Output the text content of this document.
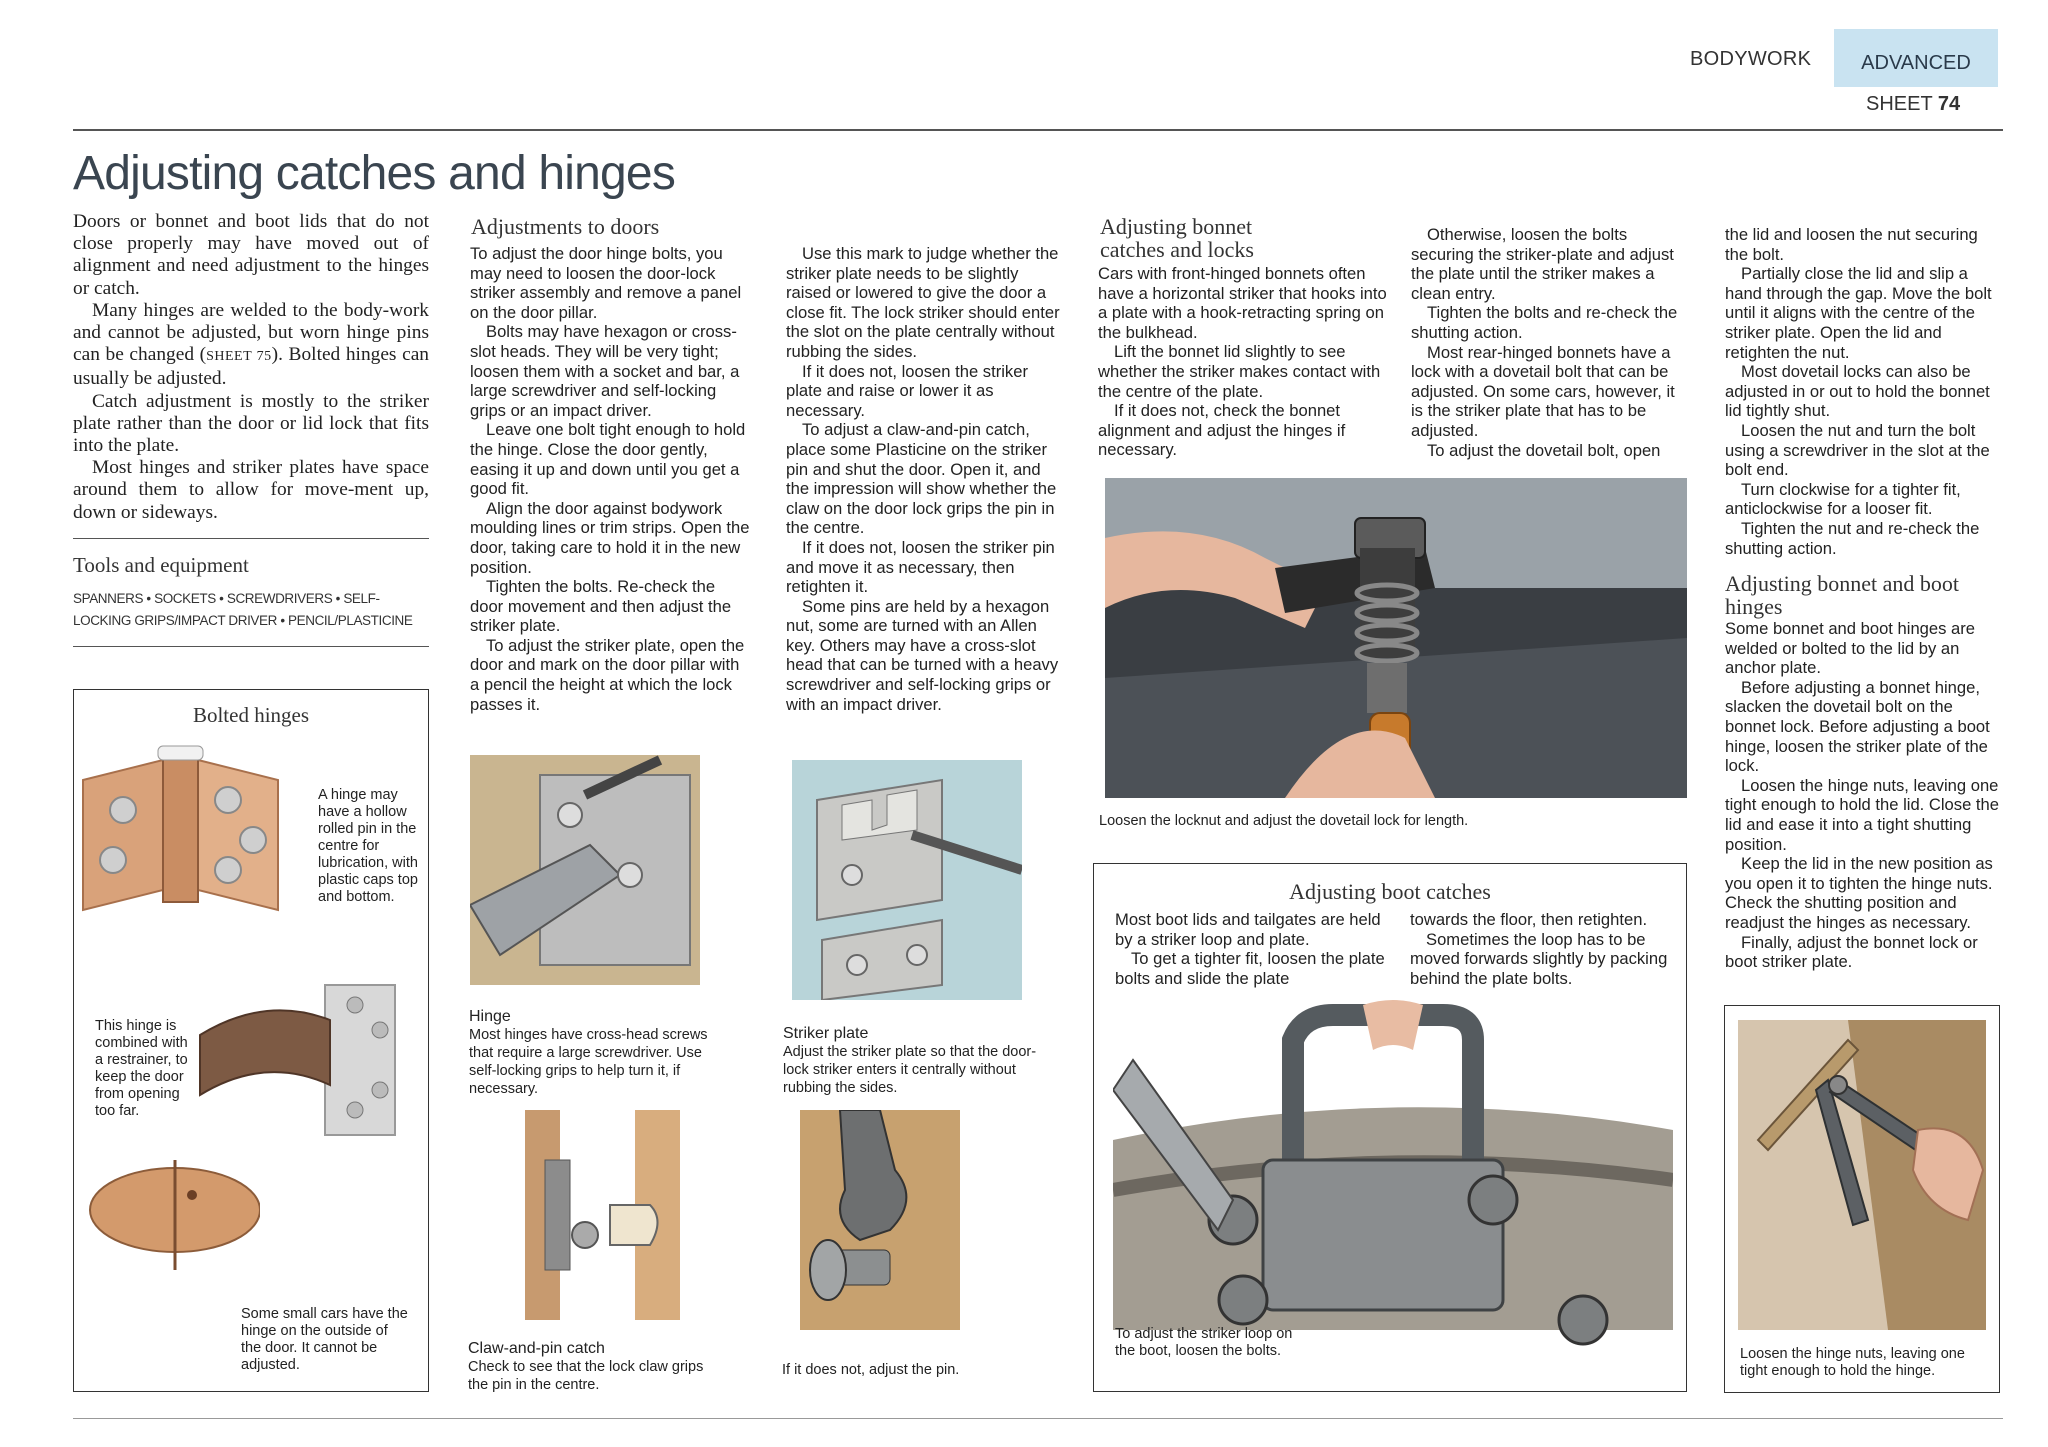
BODYWORK	ADVANCED
SHEET 74
Adjusting catches and hinges

Doors or bonnet and boot lids that do not close properly may have moved out of alignment and need adjustment to the hinges or catch.

Many hinges are welded to the body-work and cannot be adjusted, but worn hinge pins can be changed (SHEET 75). Bolted hinges can usually be adjusted.

Catch adjustment is mostly to the striker plate rather than the door or lid lock that fits into the plate.

Most hinges and striker plates have space around them to allow for move-ment up, down or sideways.

Tools and equipment
SPANNERS • SOCKETS • SCREWDRIVERS • SELF-LOCKING GRIPS/IMPACT DRIVER • PENCIL/PLASTICINE
Bolted hinges
A hinge may have a hollow rolled pin in the centre for lubrication, with plastic caps top and bottom.
This hinge is combined with a restrainer, to keep the door from opening too far.
Some small cars have the hinge on the outside of the door. It cannot be adjusted.
Adjustments to doors

To adjust the door hinge bolts, you may need to loosen the door-lock striker assembly and remove a panel on the door pillar.

Bolts may have hexagon or cross-slot heads. They will be very tight; loosen them with a socket and bar, a large screwdriver and self-locking grips or an impact driver.

Leave one bolt tight enough to hold the hinge. Close the door gently, easing it up and down until you get a good fit.

Align the door against bodywork moulding lines or trim strips. Open the door, taking care to hold it in the new position.

Tighten the bolts. Re-check the door movement and then adjust the striker plate.

To adjust the striker plate, open the door and mark on the door pillar with a pencil the height at which the lock passes it.

Hinge
Most hinges have cross-head screws that require a large screwdriver. Use self-locking grips to help turn it, if necessary.
Claw-and-pin catch
Check to see that the lock claw grips the pin in the centre.

Use this mark to judge whether the striker plate needs to be slightly raised or lowered to give the door a close fit. The lock striker should enter the slot on the plate centrally without rubbing the sides.

If it does not, loosen the striker plate and raise or lower it as necessary.

To adjust a claw-and-pin catch, place some Plasticine on the striker pin and shut the door. Open it, and the impression will show whether the claw on the door lock grips the pin in the centre.

If it does not, loosen the striker pin and move it as necessary, then retighten it.

Some pins are held by a hexagon nut, some are turned with an Allen key. Others may have a cross-slot head that can be turned with a heavy screwdriver and self-locking grips or with an impact driver.

Striker plate
Adjust the striker plate so that the door-lock striker enters it centrally without rubbing the sides.
If it does not, adjust the pin.
Adjusting bonnet catches and locks

Cars with front-hinged bonnets often have a horizontal striker that hooks into a plate with a hook-retracting spring on the bulkhead.

Lift the bonnet lid slightly to see whether the striker makes contact with the centre of the plate.

If it does not, check the bonnet alignment and adjust the hinges if necessary.

Otherwise, loosen the bolts securing the striker-plate and adjust the plate until the striker makes a clean entry.

Tighten the bolts and re-check the shutting action.

Most rear-hinged bonnets have a lock with a dovetail bolt that can be adjusted. On some cars, however, it is the striker plate that has to be adjusted.

To adjust the dovetail bolt, open

Loosen the locknut and adjust the dovetail lock for length.
Adjusting boot catches

Most boot lids and tailgates are held by a striker loop and plate.

To get a tighter fit, loosen the plate bolts and slide the plate

towards the floor, then retighten.

Sometimes the loop has to be moved forwards slightly by packing behind the plate bolts.

To adjust the striker loop on the boot, loosen the bolts.

the lid and loosen the nut securing the bolt.

Partially close the lid and slip a hand through the gap. Move the bolt until it aligns with the centre of the striker plate. Open the lid and retighten the nut.

Most dovetail locks can also be adjusted in or out to hold the bonnet lid tightly shut.

Loosen the nut and turn the bolt using a screwdriver in the slot at the bolt end.

Turn clockwise for a tighter fit, anticlockwise for a looser fit.

Tighten the nut and re-check the shutting action.

Adjusting bonnet and boot hinges

Some bonnet and boot hinges are welded or bolted to the lid by an anchor plate.

Before adjusting a bonnet hinge, slacken the dovetail bolt on the bonnet lock. Before adjusting a boot hinge, loosen the striker plate of the lock.

Loosen the hinge nuts, leaving one tight enough to hold the lid. Close the lid and ease it into a tight shutting position.

Keep the lid in the new position as you open it to tighten the hinge nuts. Check the shutting position and readjust the hinges as necessary.

Finally, adjust the bonnet lock or boot striker plate.

Loosen the hinge nuts, leaving one tight enough to hold the hinge.
